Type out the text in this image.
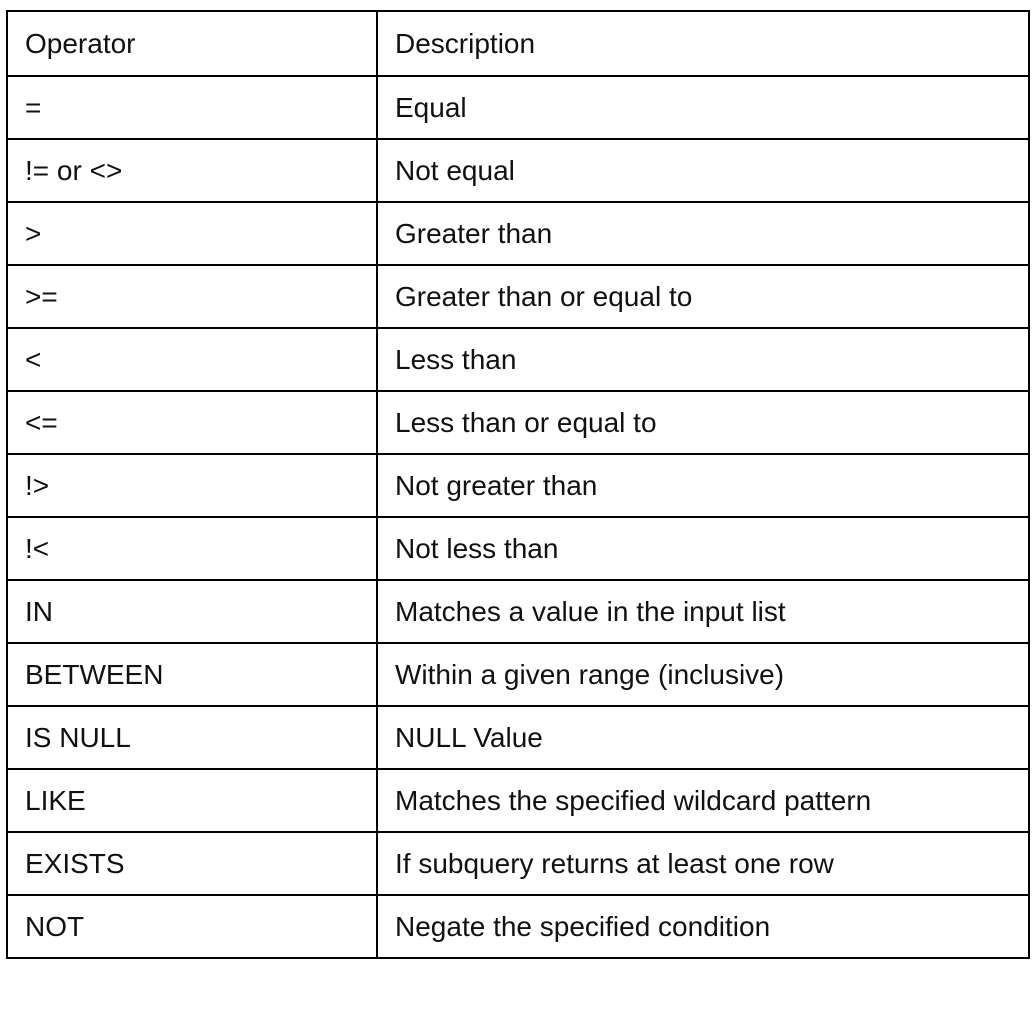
Operator	Description
=	Equal
!= or <>	Not equal
>	Greater than
>=	Greater than or equal to
<	Less than
<=	Less than or equal to
!>	Not greater than
!<	Not less than
IN	Matches a value in the input list
BETWEEN	Within a given range (inclusive)
IS NULL	NULL Value
LIKE	Matches the specified wildcard pattern
EXISTS	If subquery returns at least one row
NOT	Negate the specified condition
